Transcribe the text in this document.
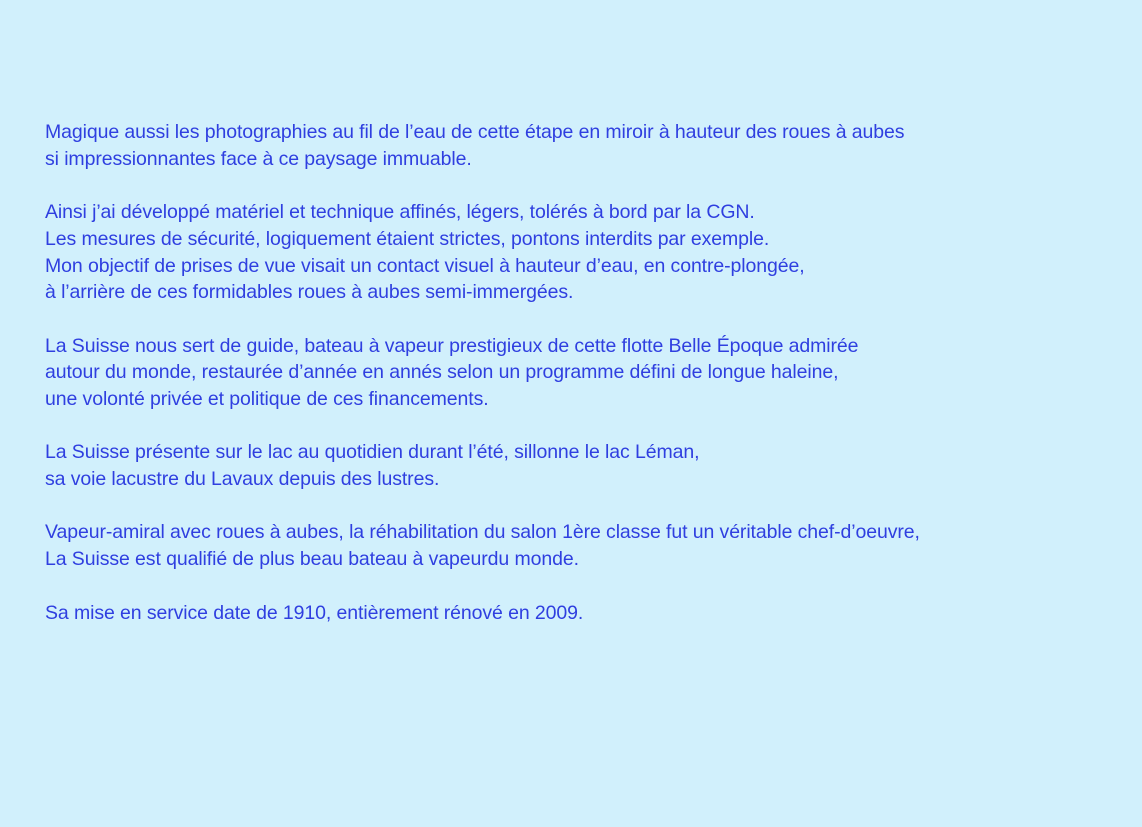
Magique aussi les photographies au fil de l’eau de cette étape en miroir à hauteur des roues à aubes
si impressionnantes face à ce paysage immuable.

Ainsi j’ai développé matériel et technique affinés, légers, tolérés à bord par la CGN.
Les mesures de sécurité, logiquement étaient strictes, pontons interdits par exemple.
Mon objectif de prises de vue visait un contact visuel à hauteur d’eau, en contre-plongée,
à l’arrière de ces formidables roues à aubes semi-immergées.

La Suisse nous sert de guide, bateau à vapeur prestigieux de cette flotte Belle Époque admirée
autour du monde, restaurée d’année en annés selon un programme défini de longue haleine,
une volonté privée et politique de ces financements.

La Suisse présente sur le lac au quotidien durant l’été, sillonne le lac Léman,
sa voie lacustre du Lavaux depuis des lustres.

Vapeur-amiral avec roues à aubes, la réhabilitation du salon 1ère classe fut un véritable chef-d’oeuvre,
La Suisse est qualifié de plus beau bateau à vapeurdu monde.

Sa mise en service date de 1910, entièrement rénové en 2009.
